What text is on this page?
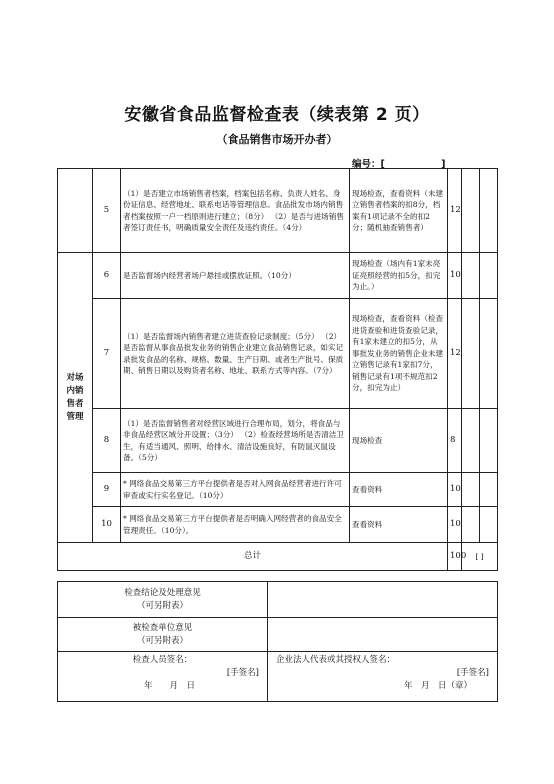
安徽省食品监督检查表（续表第 2 页）
（食品销售市场开办者）
编号：[	]
	5	（1）是否建立市场销售者档案，档案包括名称、负责人姓名、身份证信息、经营地址、联系电话等管理信息。食品批发市场内销售者档案按照一户一档原则进行建立；（8分） （2）是否与进场销售者签订责任书，明确质量安全责任及违约责任。（4分）	现场检查，查看资料（未建立销售者档案的扣8分，档案有1项记录不全的扣2分；随机抽查销售者）	12		
对场内销售者管理	6	是否监督场内经营者场户悬挂或摆放证照。（10分）	现场检查（场内有1家未亮证亮照经营的扣5分，扣完为止。）	10		
	7	（1）是否监督场内销售者建立进货查验记录制度；（5分） （2）是否监督从事食品批发业务的销售企业建立食品销售记录，如实记录批发食品的名称、规格、数量、生产日期、或者生产批号、保质期、销售日期以及购货者名称、地址、联系方式等内容。（7分）	现场检查，查看资料（检查进货查验和进货查验记录，有1家未建立的扣5分，从事批发业务的销售企业未建立销售记录有1家扣7分，销售记录有1项不规范扣2分，扣完为止）	12		
	8	（1）是否监督销售者对经营区域进行合理布局，划分，将食品与非食品经营区域分开设置；（3分） （2）检查经营场所是否清洁卫生，有适当通风、照明、给排水、清洁设施良好，有防鼠灭鼠设备。（5分）	现场检查	8		
	9	* 网络食品交易第三方平台提供者是否对入网食品经营者进行许可审查或实行实名登记。（10分）	查看资料	10		
	10	* 网络食品交易第三方平台提供者是否明确入网经营者的食品安全管理责任。（10分）。	查看资料	10		
总计				100	[ ]	
检查结论及处理意见
（可另附表）	

被检查单位意见
（可另附表）	

检查人员签名：
[手签名]
年　　月　日	企业法人代表或其授权人签名：
[手签名]
年　月　日（章）
